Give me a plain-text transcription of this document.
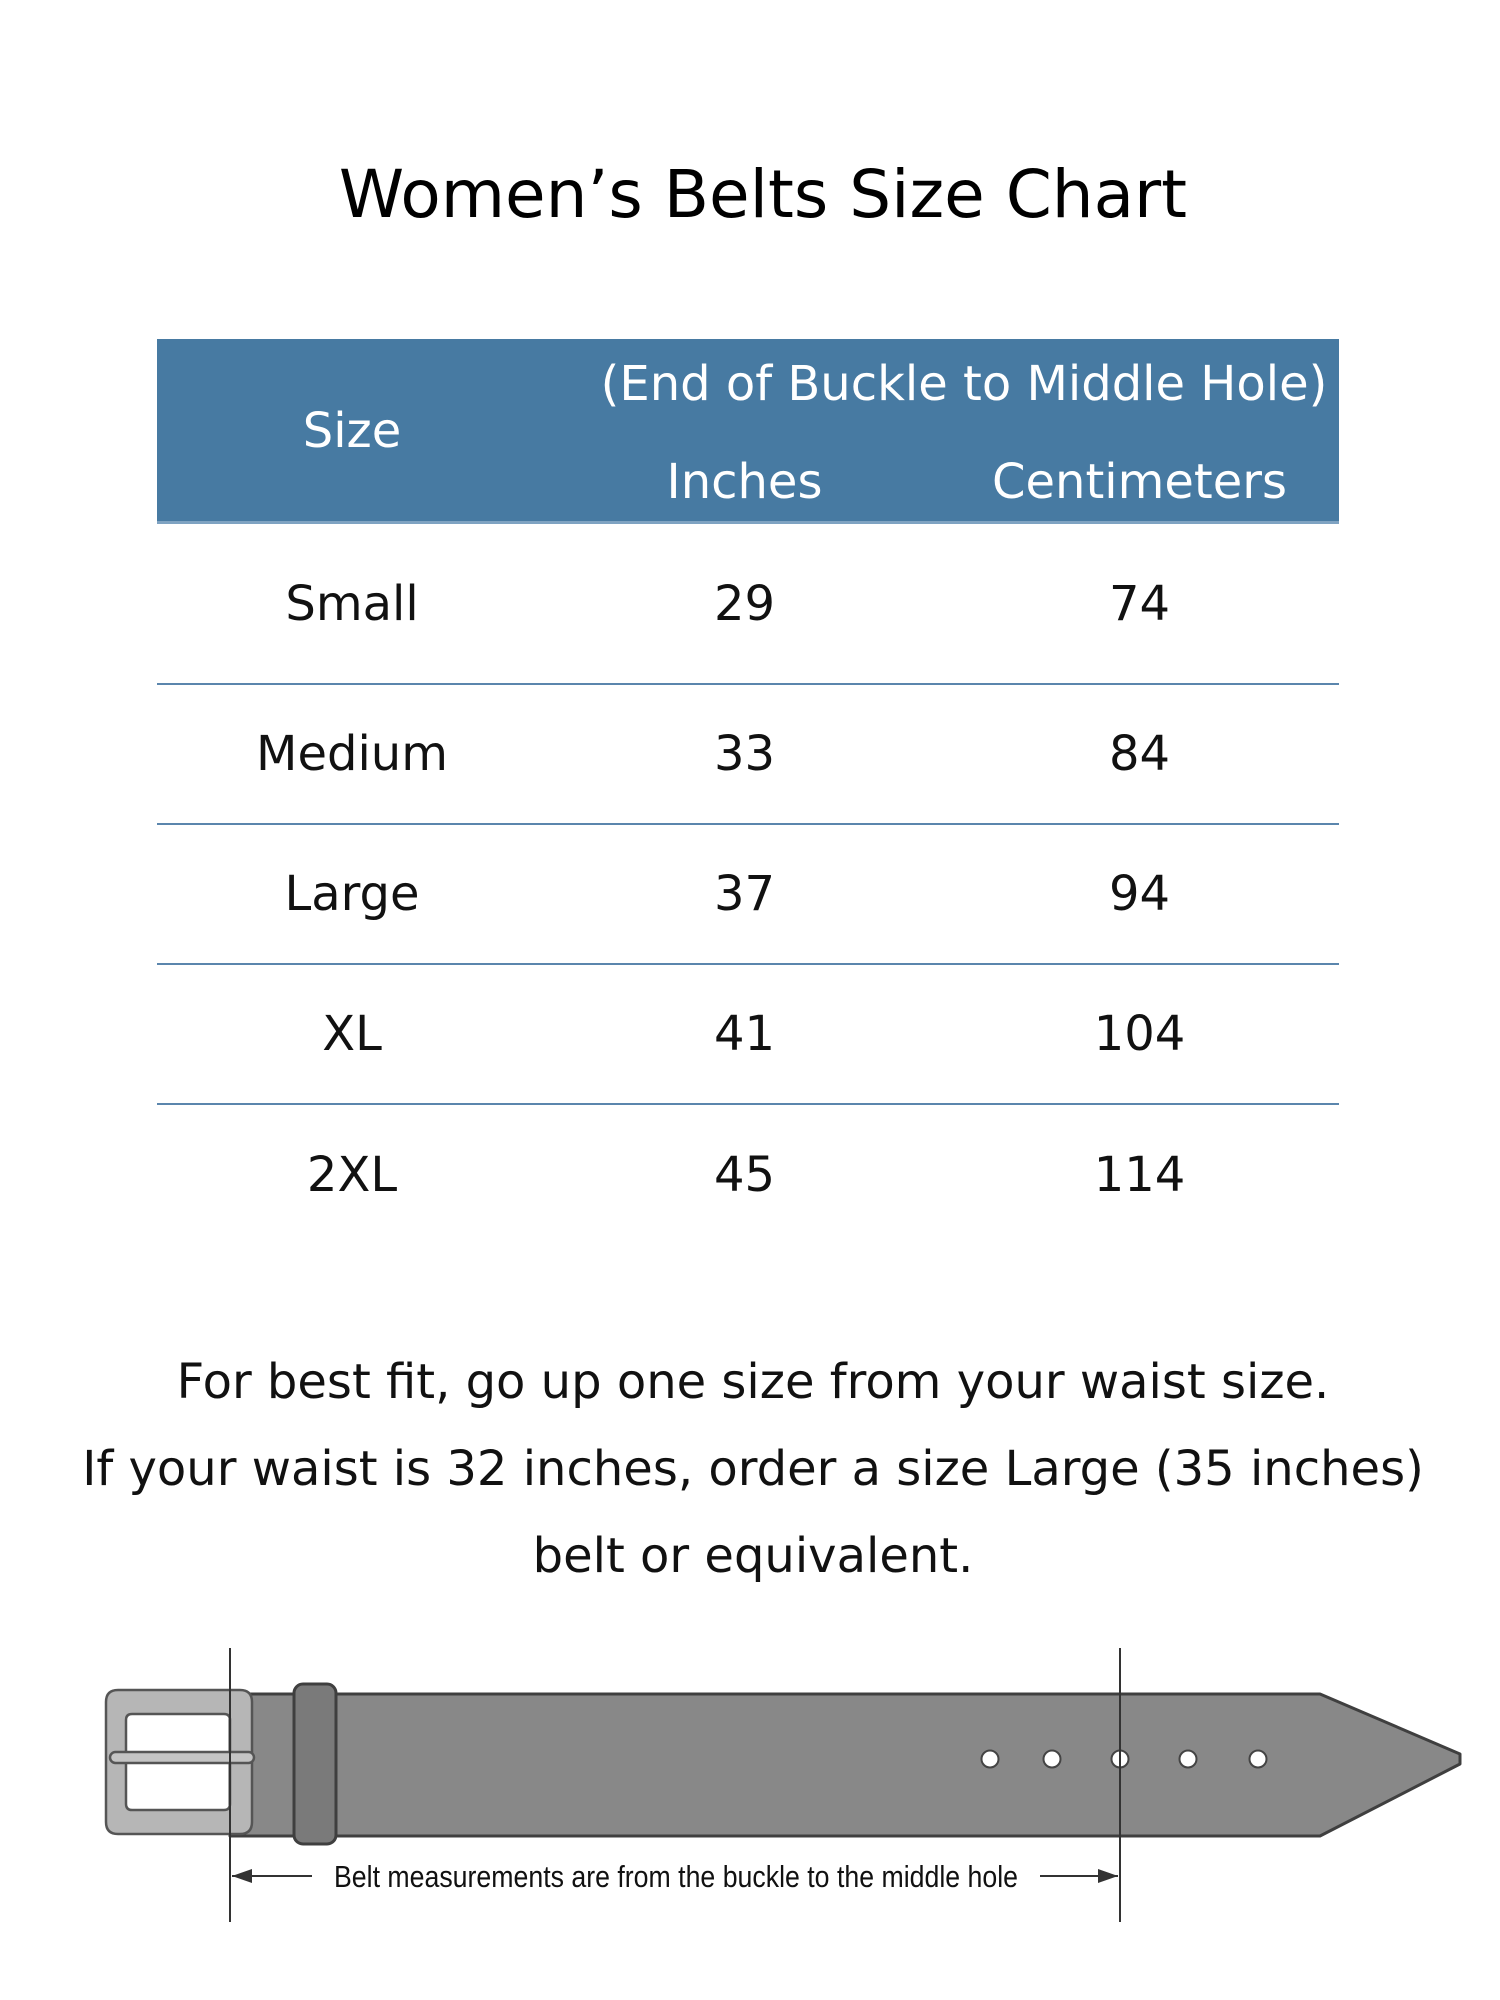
Women’s Belts Size Chart
Size
(End of Buckle to Middle Hole)
Inches	Centimeters
Small	29	74
Medium	33	84
Large	37	94
XL	41	104
2XL	45	114
For best fit, go up one size from your waist size.
If your waist is 32 inches, order a size Large (35 inches)
belt or equivalent.
Belt measurements are from the buckle to the middle hole
